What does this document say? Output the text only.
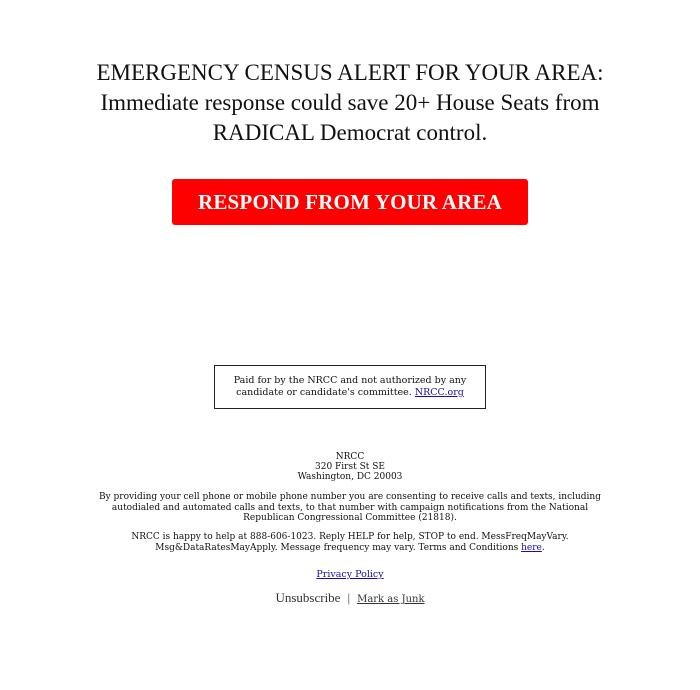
EMERGENCY CENSUS ALERT FOR YOUR AREA:
Immediate response could save 20+ House Seats from
RADICAL Democrat control.
RESPOND FROM YOUR AREA
Paid for by the NRCC and not authorized by any candidate or candidate's committee. NRCC.org
NRCC
320 First St SE
Washington, DC 20003
By providing your cell phone or mobile phone number you are consenting to receive calls and texts, including autodialed and automated calls and texts, to that number with campaign notifications from the National Republican Congressional Committee (21818).
NRCC is happy to help at 888-606-1023. Reply HELP for help, STOP to end. MessFreqMayVary. Msg&DataRatesMayApply. Message frequency may vary. Terms and Conditions here.
Privacy Policy
Unsubscribe | Mark as Junk
